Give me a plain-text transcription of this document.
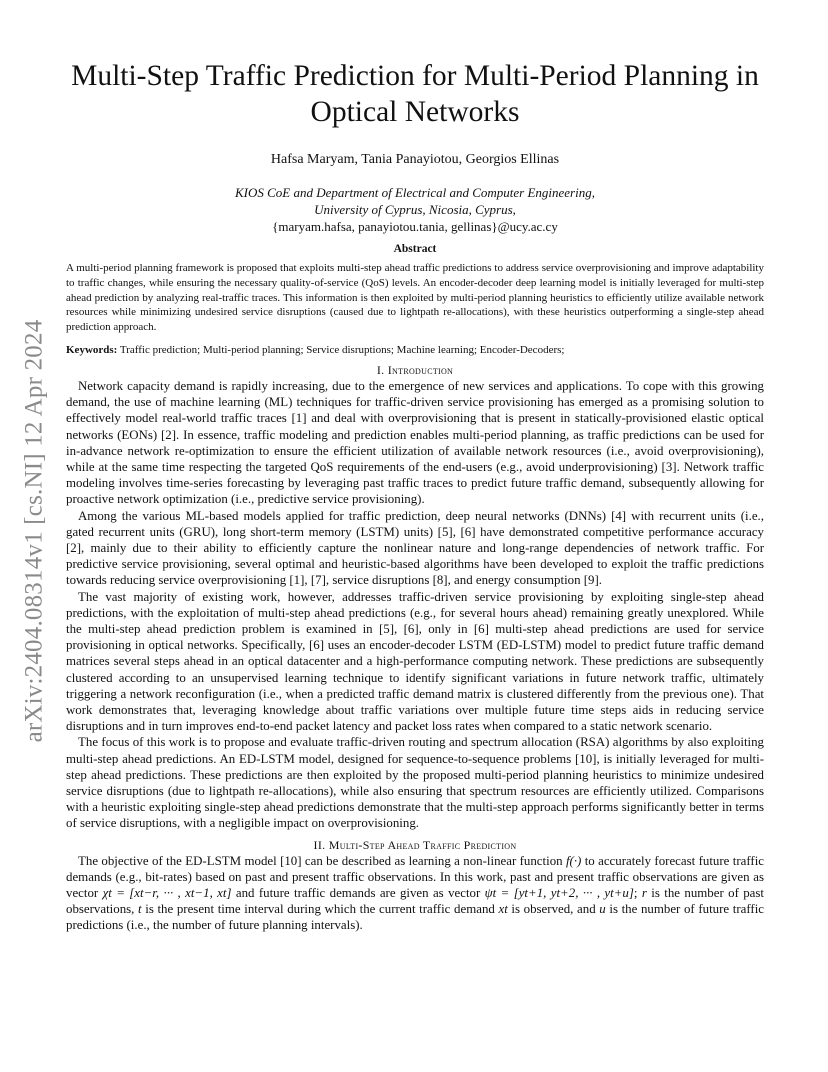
arXiv:2404.08314v1 [cs.NI] 12 Apr 2024
Multi-Step Traffic Prediction for Multi-Period Planning in Optical Networks
Hafsa Maryam, Tania Panayiotou, Georgios Ellinas
KIOS CoE and Department of Electrical and Computer Engineering,
University of Cyprus, Nicosia, Cyprus,
{maryam.hafsa, panayiotou.tania, gellinas}@ucy.ac.cy
Abstract
A multi-period planning framework is proposed that exploits multi-step ahead traffic predictions to address service overprovisioning and improve adaptability to traffic changes, while ensuring the necessary quality-of-service (QoS) levels. An encoder-decoder deep learning model is initially leveraged for multi-step ahead prediction by analyzing real-traffic traces. This information is then exploited by multi-period planning heuristics to efficiently utilize available network resources while minimizing undesired service disruptions (caused due to lightpath re-allocations), with these heuristics outperforming a single-step ahead prediction approach.
Keywords: Traffic prediction; Multi-period planning; Service disruptions; Machine learning; Encoder-Decoders;
I. Introduction

Network capacity demand is rapidly increasing, due to the emergence of new services and applications. To cope with this growing demand, the use of machine learning (ML) techniques for traffic-driven service provisioning has emerged as a promising solution to effectively model real-world traffic traces [1] and deal with overprovisioning that is present in statically-provisioned elastic optical networks (EONs) [2]. In essence, traffic modeling and prediction enables multi-period planning, as traffic predictions can be used for in-advance network re-optimization to ensure the efficient utilization of available network resources (i.e., avoid overprovisioning), while at the same time respecting the targeted QoS requirements of the end-users (e.g., avoid underprovisioning) [3]. Network traffic modeling involves time-series forecasting by leveraging past traffic traces to predict future traffic demand, subsequently allowing for proactive network optimization (i.e., predictive service provisioning).

Among the various ML-based models applied for traffic prediction, deep neural networks (DNNs) [4] with recurrent units (i.e., gated recurrent units (GRU), long short-term memory (LSTM) units) [5], [6] have demonstrated competitive performance accuracy [2], mainly due to their ability to efficiently capture the nonlinear nature and long-range dependencies of network traffic. For predictive service provisioning, several optimal and heuristic-based algorithms have been developed to exploit the traffic predictions towards reducing service overprovisioning [1], [7], service disruptions [8], and energy consumption [9].

The vast majority of existing work, however, addresses traffic-driven service provisioning by exploiting single-step ahead predictions, with the exploitation of multi-step ahead predictions (e.g., for several hours ahead) remaining greatly unexplored. While the multi-step ahead prediction problem is examined in [5], [6], only in [6] multi-step ahead predictions are used for service provisioning in optical networks. Specifically, [6] uses an encoder-decoder LSTM (ED-LSTM) model to predict future traffic demand matrices several steps ahead in an optical datacenter and a high-performance computing network. These predictions are subsequently clustered according to an unsupervised learning technique to identify significant variations in future network traffic, ultimately triggering a network reconfiguration (i.e., when a predicted traffic demand matrix is clustered differently from the previous one). That work demonstrates that, leveraging knowledge about traffic variations over multiple future time steps aids in reducing service disruptions and in turn improves end-to-end packet latency and packet loss rates when compared to a static network scenario.

The focus of this work is to propose and evaluate traffic-driven routing and spectrum allocation (RSA) algorithms by also exploiting multi-step ahead predictions. An ED-LSTM model, designed for sequence-to-sequence problems [10], is initially leveraged for multi-step ahead predictions. These predictions are then exploited by the proposed multi-period planning heuristics to minimize undesired service disruptions (due to lightpath re-allocations), while also ensuring that spectrum resources are efficiently utilized. Comparisons with a heuristic exploiting single-step ahead predictions demonstrate that the multi-step approach performs significantly better in terms of service disruptions, with a negligible impact on overprovisioning.

II. Multi-Step Ahead Traffic Prediction

The objective of the ED-LSTM model [10] can be described as learning a non-linear function f(·) to accurately forecast future traffic demands (e.g., bit-rates) based on past and present traffic observations. In this work, past and present traffic observations are given as vector χt = [xt−r, ··· , xt−1, xt] and future traffic demands are given as vector ψt = [yt+1, yt+2, ··· , yt+u]; r is the number of past observations, t is the present time interval during which the current traffic demand xt is observed, and u is the number of future traffic predictions (i.e., the number of future planning intervals).
